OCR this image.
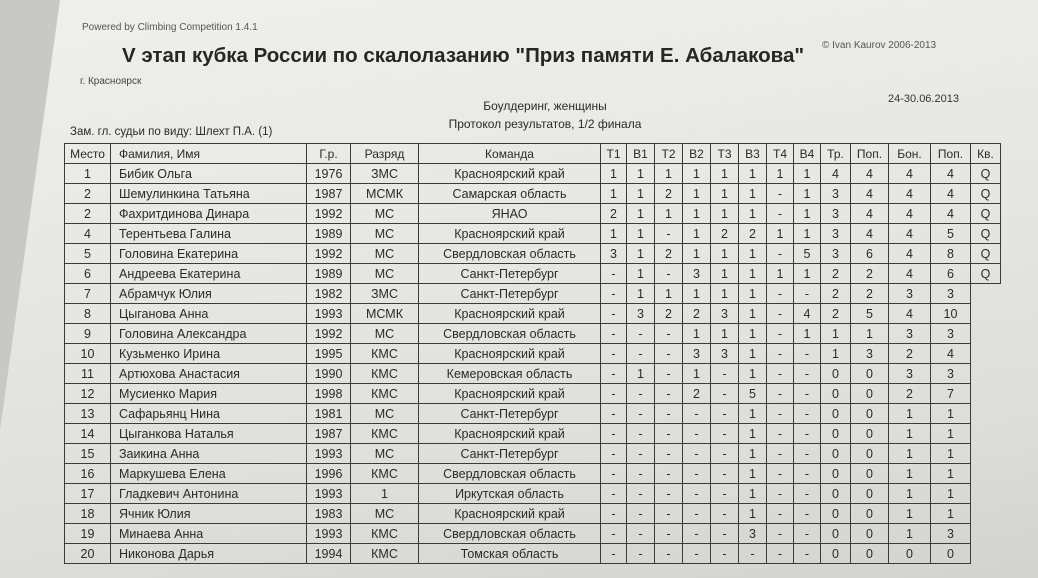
Powered by Climbing Competition 1.4.1
© Ivan Kaurov 2006-2013
V этап кубка России по скалолазанию "Приз памяти Е. Абалакова"
г. Красноярск
24-30.06.2013
Боулдеринг, женщины
Протокол результатов, 1/2 финала
Зам. гл. судьи по виду: Шлехт П.А. (1)
Место	Фамилия, Имя	Г.р.	Разряд	Команда	Т1	В1	Т2	В2	Т3	В3	Т4	В4	Тр.	Поп.	Бон.	Поп.	Кв.
1	Бибик Ольга	1976	ЗМС	Красноярский край	1	1	1	1	1	1	1	1	4	4	4	4	Q
2	Шемулинкина Татьяна	1987	МСМК	Самарская область	1	1	2	1	1	1	-	1	3	4	4	4	Q
2	Фахритдинова Динара	1992	МС	ЯНАО	2	1	1	1	1	1	-	1	3	4	4	4	Q
4	Терентьева Галина	1989	МС	Красноярский край	1	1	-	1	2	2	1	1	3	4	4	5	Q
5	Головина Екатерина	1992	МС	Свердловская область	3	1	2	1	1	1	-	5	3	6	4	8	Q
6	Андреева Екатерина	1989	МС	Санкт-Петербург	-	1	-	3	1	1	1	1	2	2	4	6	Q
7	Абрамчук Юлия	1982	ЗМС	Санкт-Петербург	-	1	1	1	1	1	-	-	2	2	3	3	
8	Цыганова Анна	1993	МСМК	Красноярский край	-	3	2	2	3	1	-	4	2	5	4	10	
9	Головина Александра	1992	МС	Свердловская область	-	-	-	1	1	1	-	1	1	1	3	3	
10	Кузьменко Ирина	1995	КМС	Красноярский край	-	-	-	3	3	1	-	-	1	3	2	4	
11	Артюхова Анастасия	1990	КМС	Кемеровская область	-	1	-	1	-	1	-	-	0	0	3	3	
12	Мусиенко Мария	1998	КМС	Красноярский край	-	-	-	2	-	5	-	-	0	0	2	7	
13	Сафарьянц Нина	1981	МС	Санкт-Петербург	-	-	-	-	-	1	-	-	0	0	1	1	
14	Цыганкова Наталья	1987	КМС	Красноярский край	-	-	-	-	-	1	-	-	0	0	1	1	
15	Заикина Анна	1993	МС	Санкт-Петербург	-	-	-	-	-	1	-	-	0	0	1	1	
16	Маркушева Елена	1996	КМС	Свердловская область	-	-	-	-	-	1	-	-	0	0	1	1	
17	Гладкевич Антонина	1993	1	Иркутская область	-	-	-	-	-	1	-	-	0	0	1	1	
18	Ячник Юлия	1983	МС	Красноярский край	-	-	-	-	-	1	-	-	0	0	1	1	
19	Минаева Анна	1993	КМС	Свердловская область	-	-	-	-	-	3	-	-	0	0	1	3	
20	Никонова Дарья	1994	КМС	Томская область	-	-	-	-	-	-	-	-	0	0	0	0	
